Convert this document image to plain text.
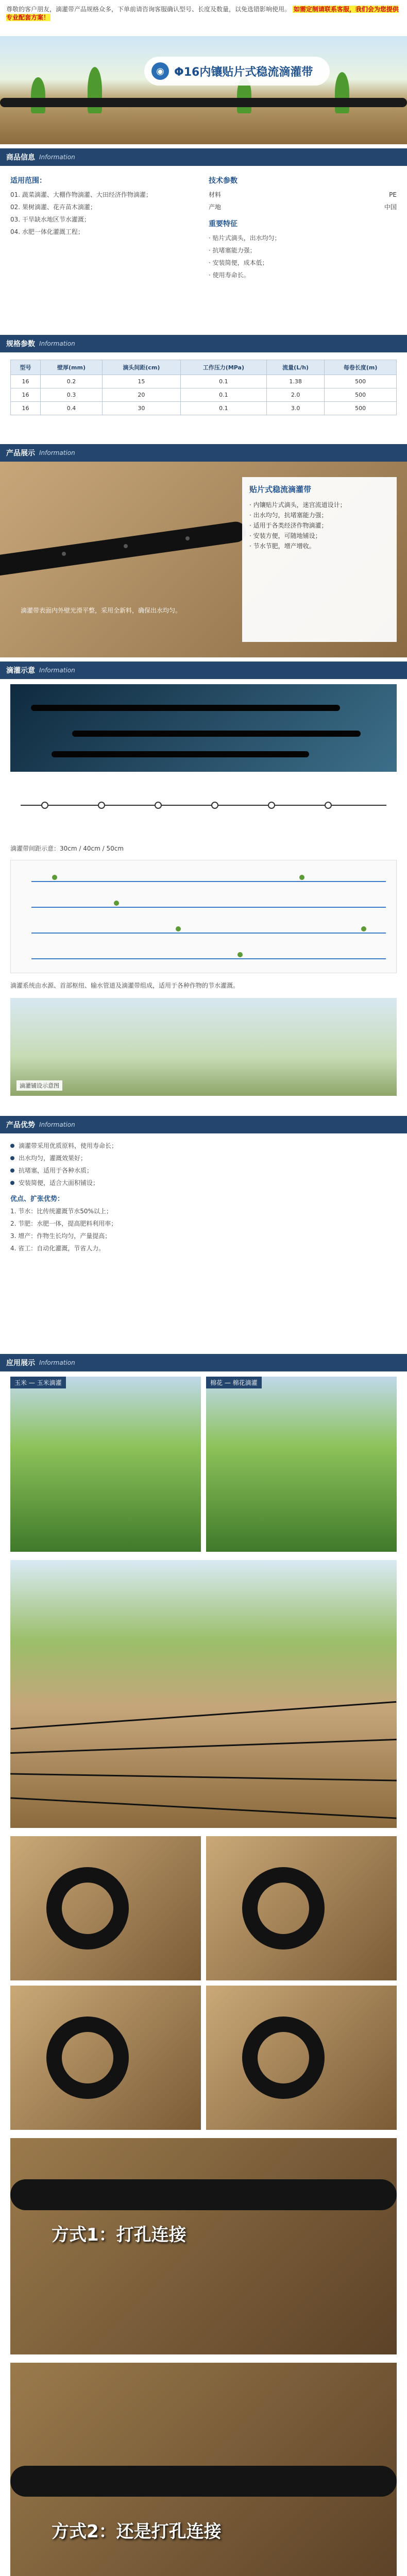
尊敬的客户朋友，滴灌带产品规格众多，下单前请咨询客服确认型号、长度及数量，以免选错影响使用。 如需定制请联系客服，我们会为您提供专业配套方案！
◉ Φ16内镶贴片式稳流滴灌带
商品信息 Information
适用范围：
01. 蔬菜滴灌、大棚作物滴灌、大田经济作物滴灌；
02. 果树滴灌、花卉苗木滴灌；
03. 干旱缺水地区节水灌溉；
04. 水肥一体化灌溉工程；
技术参数
材料	PE
产地	中国
重要特征
· 贴片式滴头，出水均匀；
· 抗堵塞能力强；
· 安装简便，成本低；
· 使用寿命长。
规格参数 Information
型号	壁厚(mm)	滴头间距(cm)	工作压力(MPa)	流量(L/h)	每卷长度(m)
16	0.2	15	0.1	1.38	500
16	0.3	20	0.1	2.0	500
16	0.4	30	0.1	3.0	500
产品展示 Information
滴灌带表面内外壁光滑平整，采用全新料，确保出水均匀。
贴片式稳流滴灌带
· 内镶贴片式滴头，迷宫流道设计；
· 出水均匀，抗堵塞能力强；
· 适用于各类经济作物滴灌；
· 安装方便，可随地铺设；
· 节水节肥，增产增收。
滴灌示意 Information
滴灌带间距示意：30cm / 40cm / 50cm
滴灌系统由水源、首部枢纽、输水管道及滴灌带组成，适用于各种作物的节水灌溉。
滴灌铺设示意图
产品优势 Information
滴灌带采用优质原料，使用寿命长；
出水均匀，灌溉效果好；
抗堵塞，适用于各种水质；
安装简便，适合大面积铺设；
优点、扩张优势：
1. 节水：比传统灌溉节水50%以上；
2. 节肥：水肥一体，提高肥料利用率；
3. 增产：作物生长均匀，产量提高；
4. 省工：自动化灌溉，节省人力。
应用展示 Information
玉米 — 玉米滴灌	棉花 — 棉花滴灌
方式1：打孔连接
方式2：还是打孔连接
